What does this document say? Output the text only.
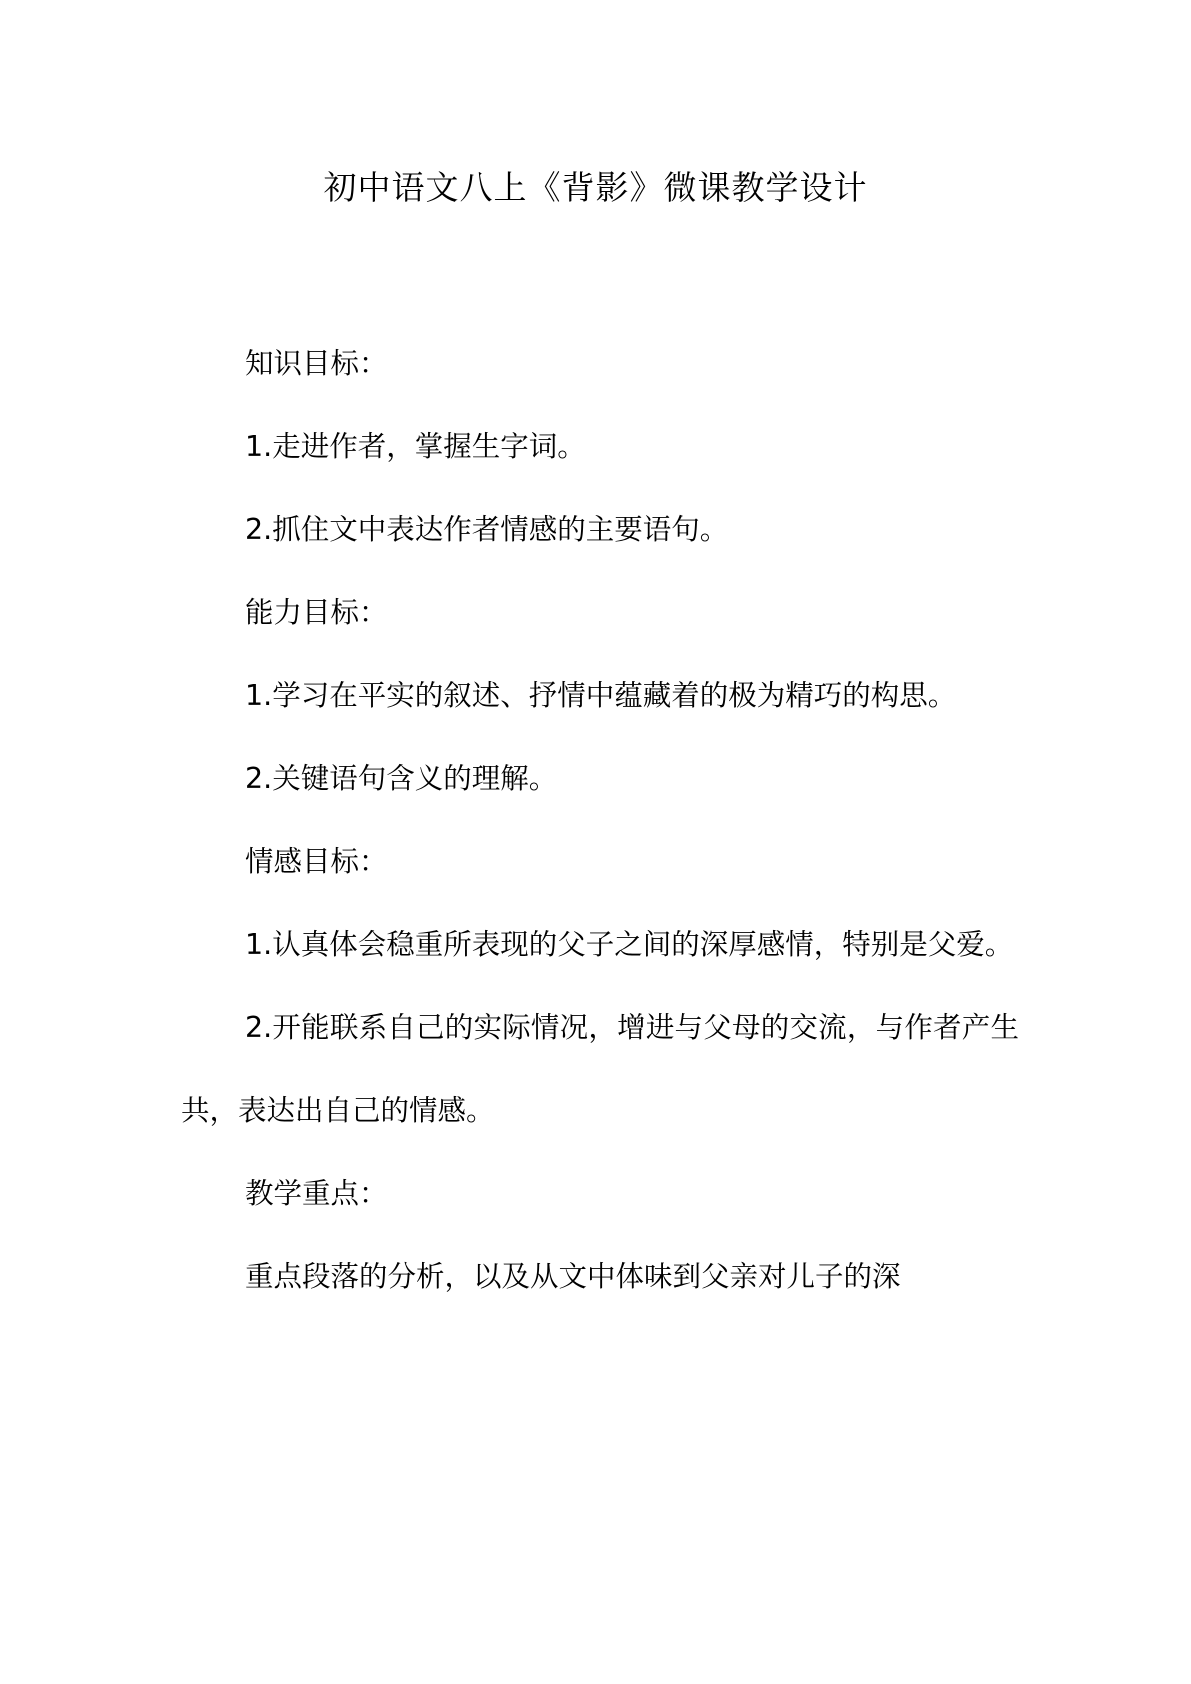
初中语文八上《背影》微课教学设计

知识目标：

1.走进作者，掌握生字词。

2.抓住文中表达作者情感的主要语句。

能力目标：

1.学习在平实的叙述、抒情中蕴藏着的极为精巧的构思。

2.关键语句含义的理解。

情感目标：

1.认真体会稳重所表现的父子之间的深厚感情，特别是父爱。

2.开能联系自己的实际情况，增进与父母的交流，与作者产生共，表达出自己的情感。

教学重点：

重点段落的分析，以及从文中体味到父亲对儿子的深
